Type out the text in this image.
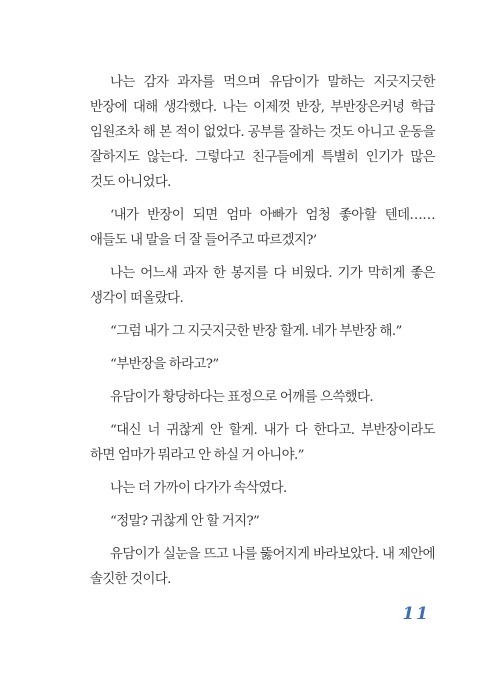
나는 감자 과자를 먹으며 유담이가 말하는 지긋지긋한 반장에 대해 생각했다. 나는 이제껏 반장, 부반장은커녕 학급 임원조차 해 본 적이 없었다. 공부를 잘하는 것도 아니고 운동을 잘하지도 않는다. 그렇다고 친구들에게 특별히 인기가 많은 것도 아니었다.

‘내가 반장이 되면 엄마 아빠가 엄청 좋아할 텐데…… 애들도 내 말을 더 잘 들어주고 따르겠지?’

나는 어느새 과자 한 봉지를 다 비웠다. 기가 막히게 좋은 생각이 떠올랐다.

“그럼 내가 그 지긋지긋한 반장 할게. 네가 부반장 해.”

“부반장을 하라고?”

유담이가 황당하다는 표정으로 어깨를 으쓱했다.

“대신 너 귀찮게 안 할게. 내가 다 한다고. 부반장이라도 하면 엄마가 뭐라고 안 하실 거 아니야.”

나는 더 가까이 다가가 속삭였다.

“정말? 귀찮게 안 할 거지?”

유담이가 실눈을 뜨고 나를 뚫어지게 바라보았다. 내 제안에 솔깃한 것이다.

11
